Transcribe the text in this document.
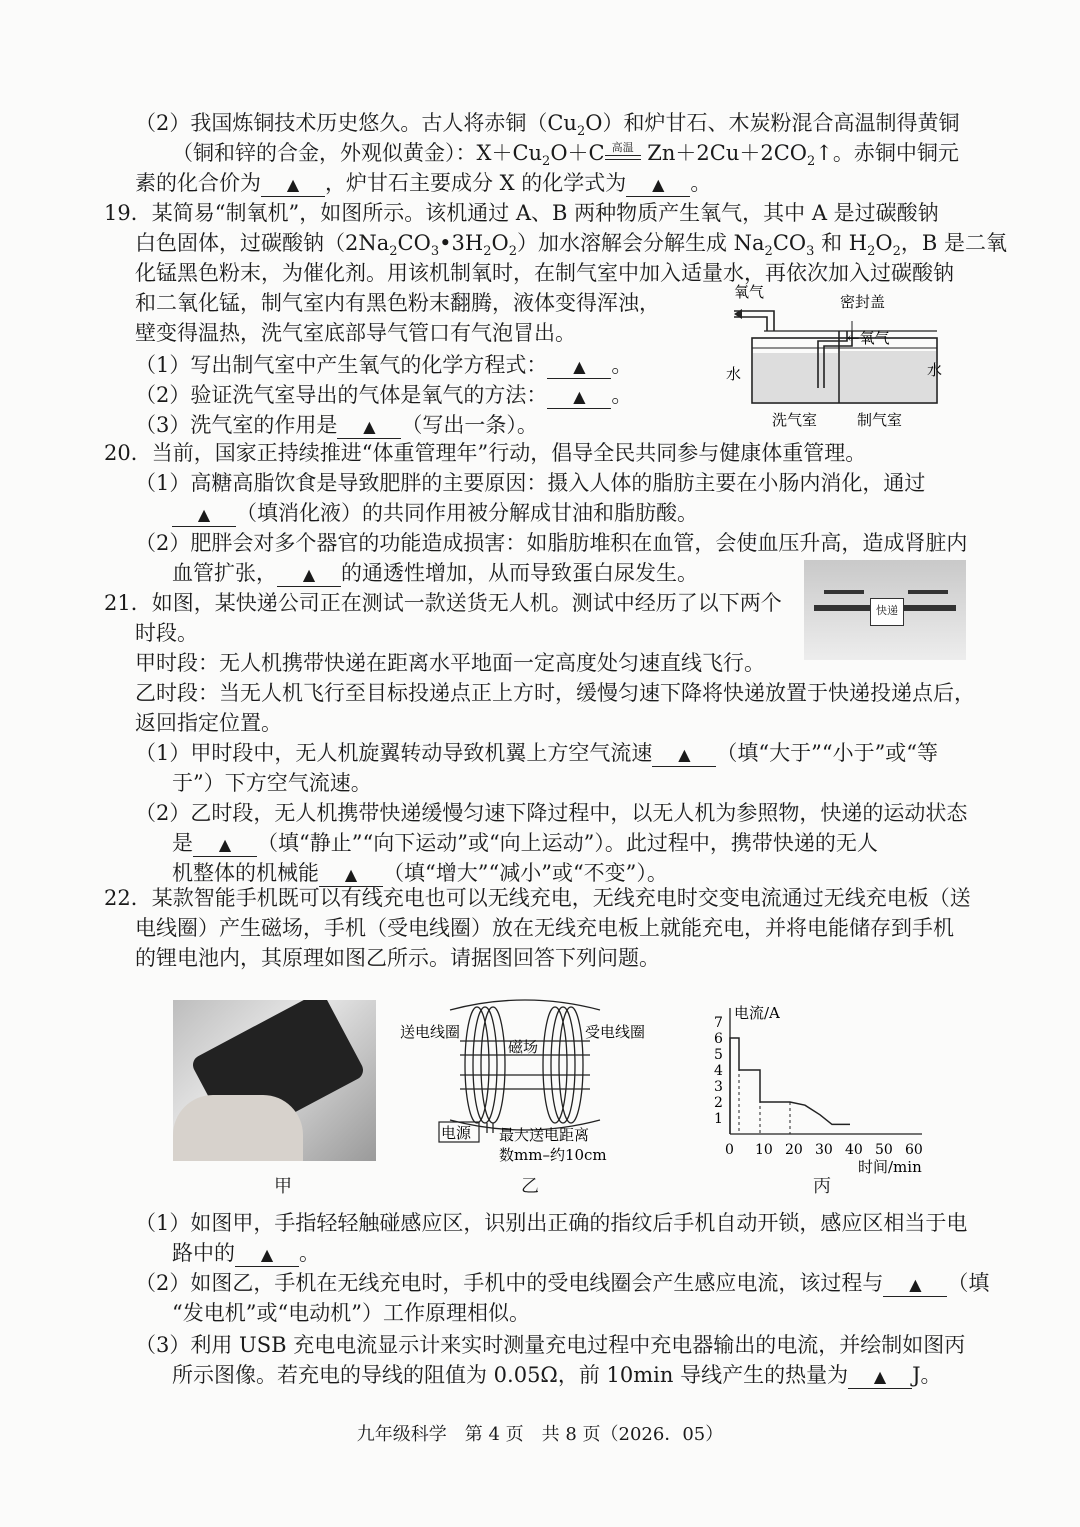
（2）我国炼铜技术历史悠久。古人将赤铜$(Cu_2O)$和炉甘石、木炭粉混合高温制得黄铜
（铜和锌的合金，外观似黄金）：$X+Cu_2O+C$ 高温 $Zn+2Cu+2CO_2↑$。赤铜中铜元
素的化合价为 ▲ ，炉甘石主要成分 X 的化学式为 ▲ 。
19．某简易“制氧机”，如图所示。该机通过 A、B 两种物质产生氧气，其中 A 是过碳酸钠
白色固体，过碳酸钠$(2Na_2CO_3•3H_2O_2)$加水溶解会分解生成 $Na_2CO_3$ 和 $H_2O_2$，B 是二氧
化锰黑色粉末，为催化剂。用该机制氧时，在制气室中加入适量水，再依次加入过碳酸钠
和二氧化锰，制气室内有黑色粉末翻腾，液体变得浑浊，
壁变得温热，洗气室底部导气管口有气泡冒出。
（1）写出制气室中产生氧气的化学方程式： ▲ 。
（2）验证洗气室导出的气体是氧气的方法： ▲ 。
（3）洗气室的作用是 ▲ （写出一条）。
氧气
密封盖
←氧气
水	水
洗气室	制气室
20．当前，国家正持续推进“体重管理年”行动，倡导全民共同参与健康体重管理。
（1）高糖高脂饮食是导致肥胖的主要原因：摄入人体的脂肪主要在小肠内消化，通过
▲ （填消化液）的共同作用被分解成甘油和脂肪酸。
（2）肥胖会对多个器官的功能造成损害：如脂肪堆积在血管，会使血压升高，造成肾脏内
血管扩张， ▲ 的通透性增加，从而导致蛋白尿发生。
21．如图，某快递公司正在测试一款送货无人机。测试中经历了以下两个
时段。
甲时段：无人机携带快递在距离水平地面一定高度处匀速直线飞行。
乙时段：当无人机飞行至目标投递点正上方时，缓慢匀速下降将快递放置于快递投递点后，
返回指定位置。
（1）甲时段中，无人机旋翼转动导致机翼上方空气流速 ▲ （填“大于”“小于”或“等
于”）下方空气流速。
（2）乙时段，无人机携带快递缓慢匀速下降过程中，以无人机为参照物，快递的运动状态
是 ▲ （填“静止”“向下运动”或“向上运动”）。此过程中，携带快递的无人
机整体的机械能 ▲ （填“增大”“减小”或“不变”）。
快递
22．某款智能手机既可以有线充电也可以无线充电，无线充电时交变电流通过无线充电板（送
电线圈）产生磁场，手机（受电线圈）放在无线充电板上就能充电，并将电能储存到手机
的锂电池内，其原理如图乙所示。请据图回答下列问题。
甲
电源
送电线圈	受电线圈
磁场
最大送电距离
数mm–约10cm
乙
0 10 20 30 40 50 60
1
2
3
4
5
6
7
电流/A
时间/min
丙
（1）如图甲，手指轻轻触碰感应区，识别出正确的指纹后手机自动开锁，感应区相当于电
路中的 ▲ 。
（2）如图乙，手机在无线充电时，手机中的受电线圈会产生感应电流，该过程与 ▲ （填
“发电机”或“电动机”）工作原理相似。
（3）利用 USB 充电电流显示计来实时测量充电过程中充电器输出的电流，并绘制如图丙
所示图像。若充电的导线的阻值为 0.05Ω，前 10min 导线产生的热量为 ▲ J。
九年级科学　第 4 页　共 8 页（2026．05）
